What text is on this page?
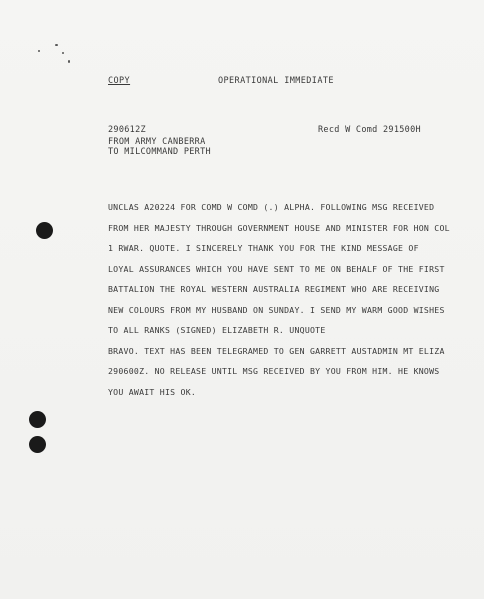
COPY	OPERATIONAL IMMEDIATE
290612Z
FROM ARMY CANBERRA
TO MILCOMMAND PERTH
Recd W Comd 291500H
UNCLAS A20224 FOR COMD W COMD (.) ALPHA. FOLLOWING MSG RECEIVED
FROM HER MAJESTY THROUGH GOVERNMENT HOUSE AND MINISTER FOR HON COL
1 RWAR. QUOTE. I SINCERELY THANK YOU FOR THE KIND MESSAGE OF
LOYAL ASSURANCES WHICH YOU HAVE SENT TO ME ON BEHALF OF THE FIRST
BATTALION THE ROYAL WESTERN AUSTRALIA REGIMENT WHO ARE RECEIVING
NEW COLOURS FROM MY HUSBAND ON SUNDAY. I SEND MY WARM GOOD WISHES
TO ALL RANKS (SIGNED) ELIZABETH R. UNQUOTE
BRAVO. TEXT HAS BEEN TELEGRAMED TO GEN GARRETT AUSTADMIN MT ELIZA
290600Z. NO RELEASE UNTIL MSG RECEIVED BY YOU FROM HIM. HE KNOWS
YOU AWAIT HIS OK.
